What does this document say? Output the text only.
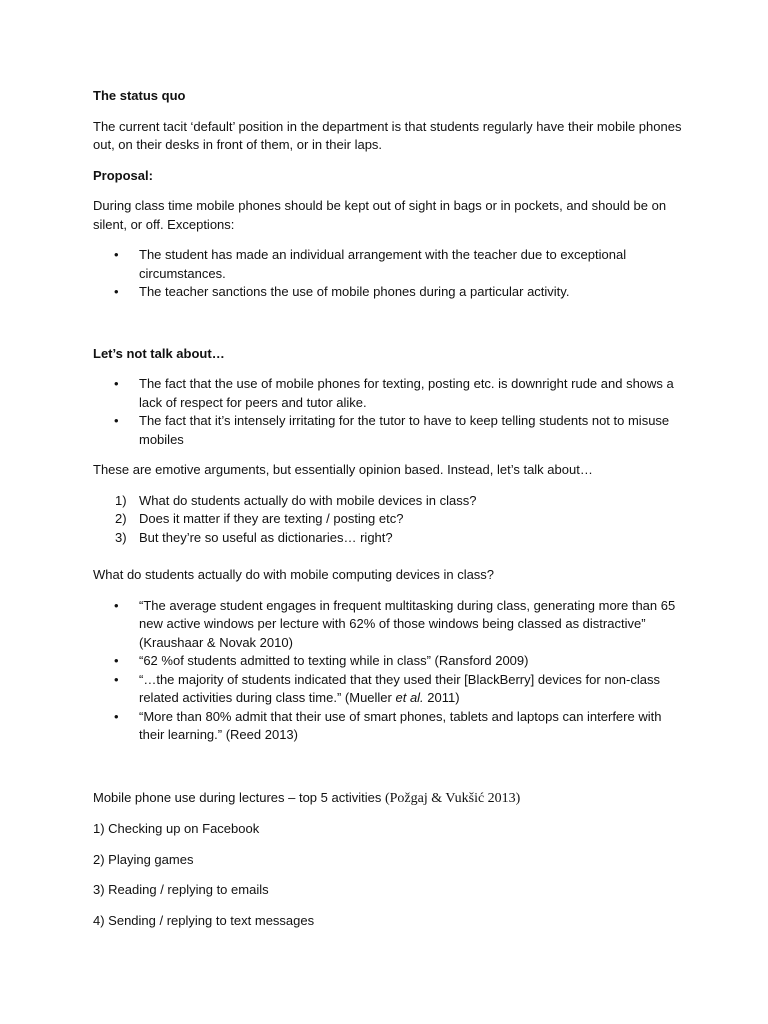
The status quo

The current tacit ‘default’ position in the department is that students regularly have their mobile phones out, on their desks in front of them, or in their laps.

Proposal:

During class time mobile phones should be kept out of sight in bags or in pockets, and should be on silent, or off. Exceptions:

•	The student has made an individual arrangement with the teacher due to exceptional circumstances.
•	The teacher sanctions the use of mobile phones during a particular activity.

Let’s not talk about…

•	The fact that the use of mobile phones for texting, posting etc. is downright rude and shows a lack of respect for peers and tutor alike.
•	The fact that it’s intensely irritating for the tutor to have to keep telling students not to misuse mobiles

These are emotive arguments, but essentially opinion based. Instead, let’s talk about…

1) What do students actually do with mobile devices in class?
2) Does it matter if they are texting / posting etc?
3) But they’re so useful as dictionaries… right?

What do students actually do with mobile computing devices in class?

•	“The average student engages in frequent multitasking during class, generating more than 65 new active windows per lecture with 62% of those windows being classed as distractive” (Kraushaar & Novak 2010)
•	“62 %of students admitted to texting while in class” (Ransford 2009)
•	“…the majority of students indicated that they used their [BlackBerry] devices for non-class related activities during class time.” (Mueller et al. 2011)
•	“More than 80% admit that their use of smart phones, tablets and laptops can interfere with their learning.” (Reed 2013)

Mobile phone use during lectures – top 5 activities (Požgaj & Vukšić 2013)

1) Checking up on Facebook

2) Playing games

3) Reading / replying to emails

4) Sending / replying to text messages
